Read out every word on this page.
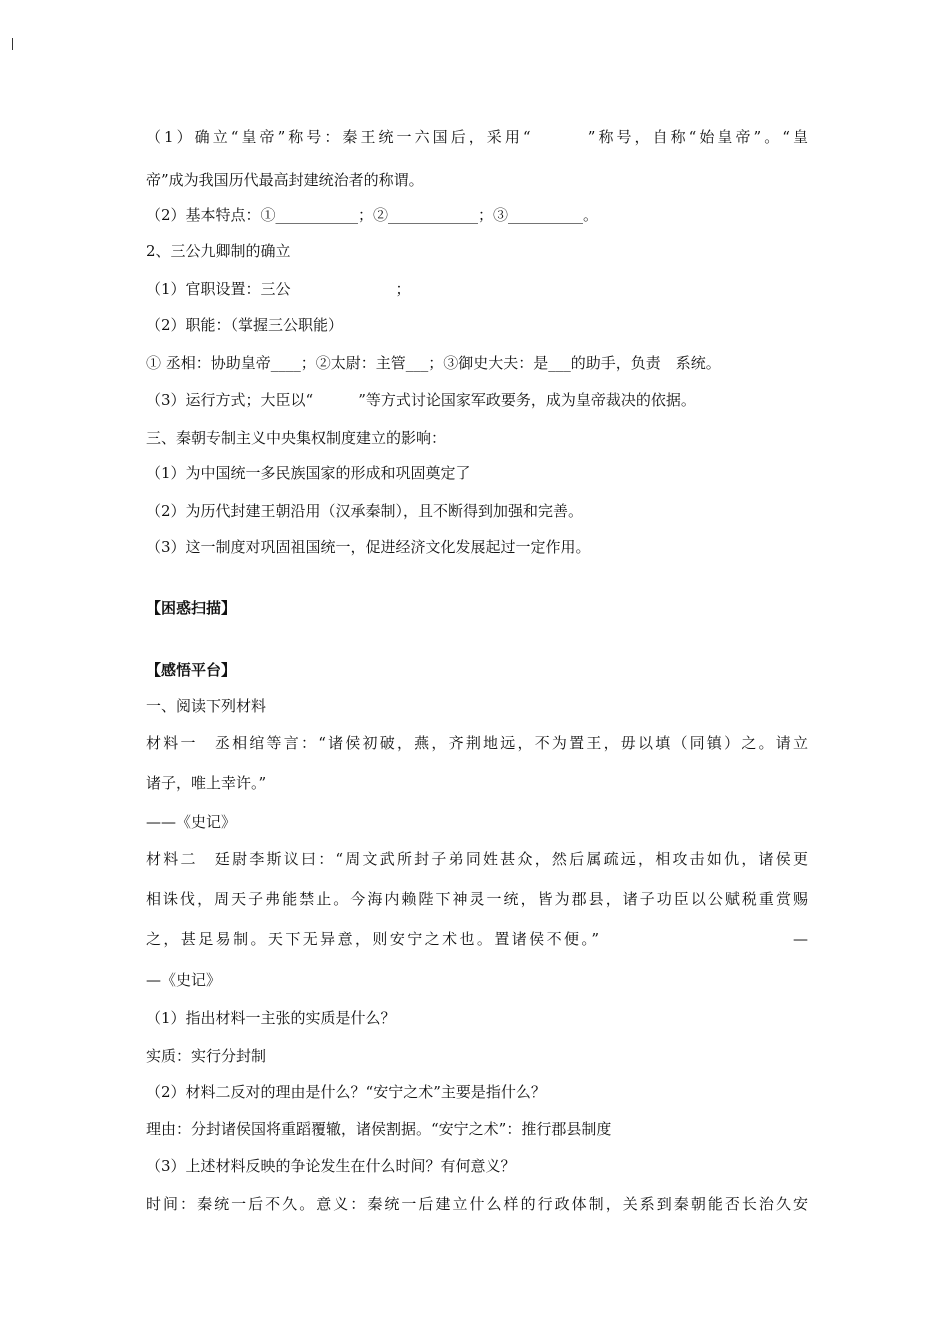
（1）确立“皇帝”称号：秦王统一六国后，采用“　　　”称号，自称“始皇帝”。“皇
帝”成为我国历代最高封建统治者的称谓。
（2）基本特点：①___________；②____________；③__________。
2、三公九卿制的确立
（1）官职设置：三公　　　　　　　；
（2）职能：（掌握三公职能）
① 丞相：协助皇帝____；②太尉：主管___；③御史大夫：是___的助手，负责　系统。
（3）运行方式；大臣以“　　　”等方式讨论国家军政要务，成为皇帝裁决的依据。
三、秦朝专制主义中央集权制度建立的影响：
（1）为中国统一多民族国家的形成和巩固奠定了
（2）为历代封建王朝沿用（汉承秦制），且不断得到加强和完善。
（3）这一制度对巩固祖国统一，促进经济文化发展起过一定作用。
【困惑扫描】
【感悟平台】
一、阅读下列材料
材料一　丞相绾等言：“诸侯初破，燕，齐荆地远，不为置王，毋以填（同镇）之。请立
诸子，唯上幸许。”
——《史记》
材料二　廷尉李斯议曰：“周文武所封子弟同姓甚众，然后属疏远，相攻击如仇，诸侯更
相诛伐，周天子弗能禁止。今海内赖陛下神灵一统，皆为郡县，诸子功臣以公赋税重赏赐
之，甚足易制。天下无异意，则安宁之术也。置诸侯不便。”　　　　　　　　　　　—
—《史记》
（1）指出材料一主张的实质是什么？
实质：实行分封制
（2）材料二反对的理由是什么？“安宁之术”主要是指什么？
理由：分封诸侯国将重蹈覆辙，诸侯割据。“安宁之术”：推行郡县制度
（3）上述材料反映的争论发生在什么时间？有何意义？
时间：秦统一后不久。意义：秦统一后建立什么样的行政体制，关系到秦朝能否长治久安
